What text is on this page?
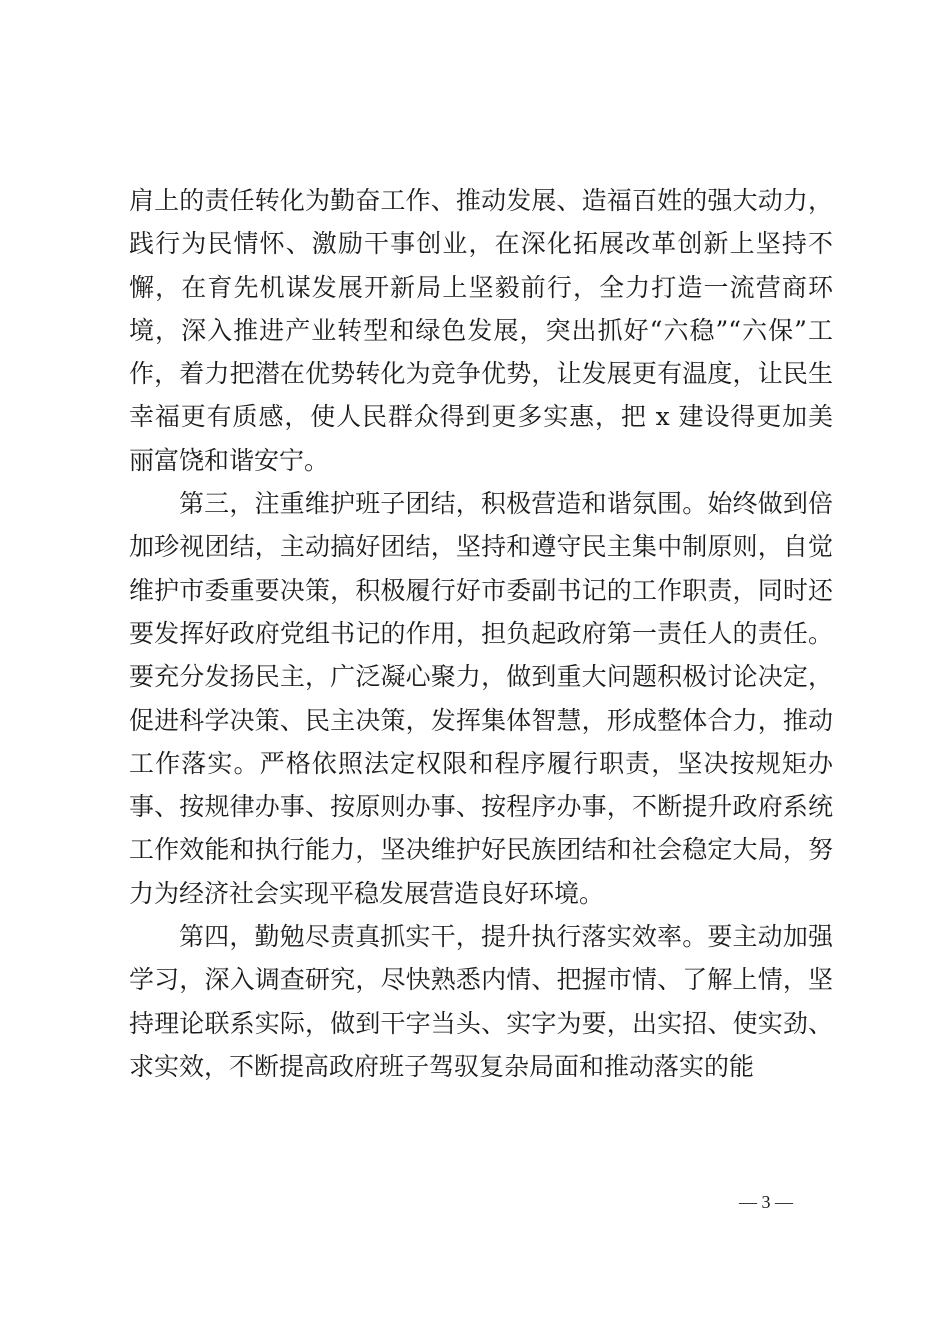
肩上的责任转化为勤奋工作、推动发展、造福百姓的强大动力，践行为民情怀、激励干事创业，在深化拓展改革创新上坚持不懈，在育先机谋发展开新局上坚毅前行，全力打造一流营商环境，深入推进产业转型和绿色发展，突出抓好“六稳”“六保”工作，着力把潜在优势转化为竞争优势，让发展更有温度，让民生幸福更有质感，使人民群众得到更多实惠，把 x 建设得更加美丽富饶和谐安宁。

第三，注重维护班子团结，积极营造和谐氛围。始终做到倍加珍视团结，主动搞好团结，坚持和遵守民主集中制原则，自觉维护市委重要决策，积极履行好市委副书记的工作职责，同时还要发挥好政府党组书记的作用，担负起政府第一责任人的责任。要充分发扬民主，广泛凝心聚力，做到重大问题积极讨论决定，促进科学决策、民主决策，发挥集体智慧，形成整体合力，推动工作落实。严格依照法定权限和程序履行职责，坚决按规矩办事、按规律办事、按原则办事、按程序办事，不断提升政府系统工作效能和执行能力，坚决维护好民族团结和社会稳定大局，努力为经济社会实现平稳发展营造良好环境。

第四，勤勉尽责真抓实干，提升执行落实效率。要主动加强学习，深入调查研究，尽快熟悉内情、把握市情、了解上情，坚持理论联系实际，做到干字当头、实字为要，出实招、使实劲、求实效，不断提高政府班子驾驭复杂局面和推动落实的能

— 3 —
